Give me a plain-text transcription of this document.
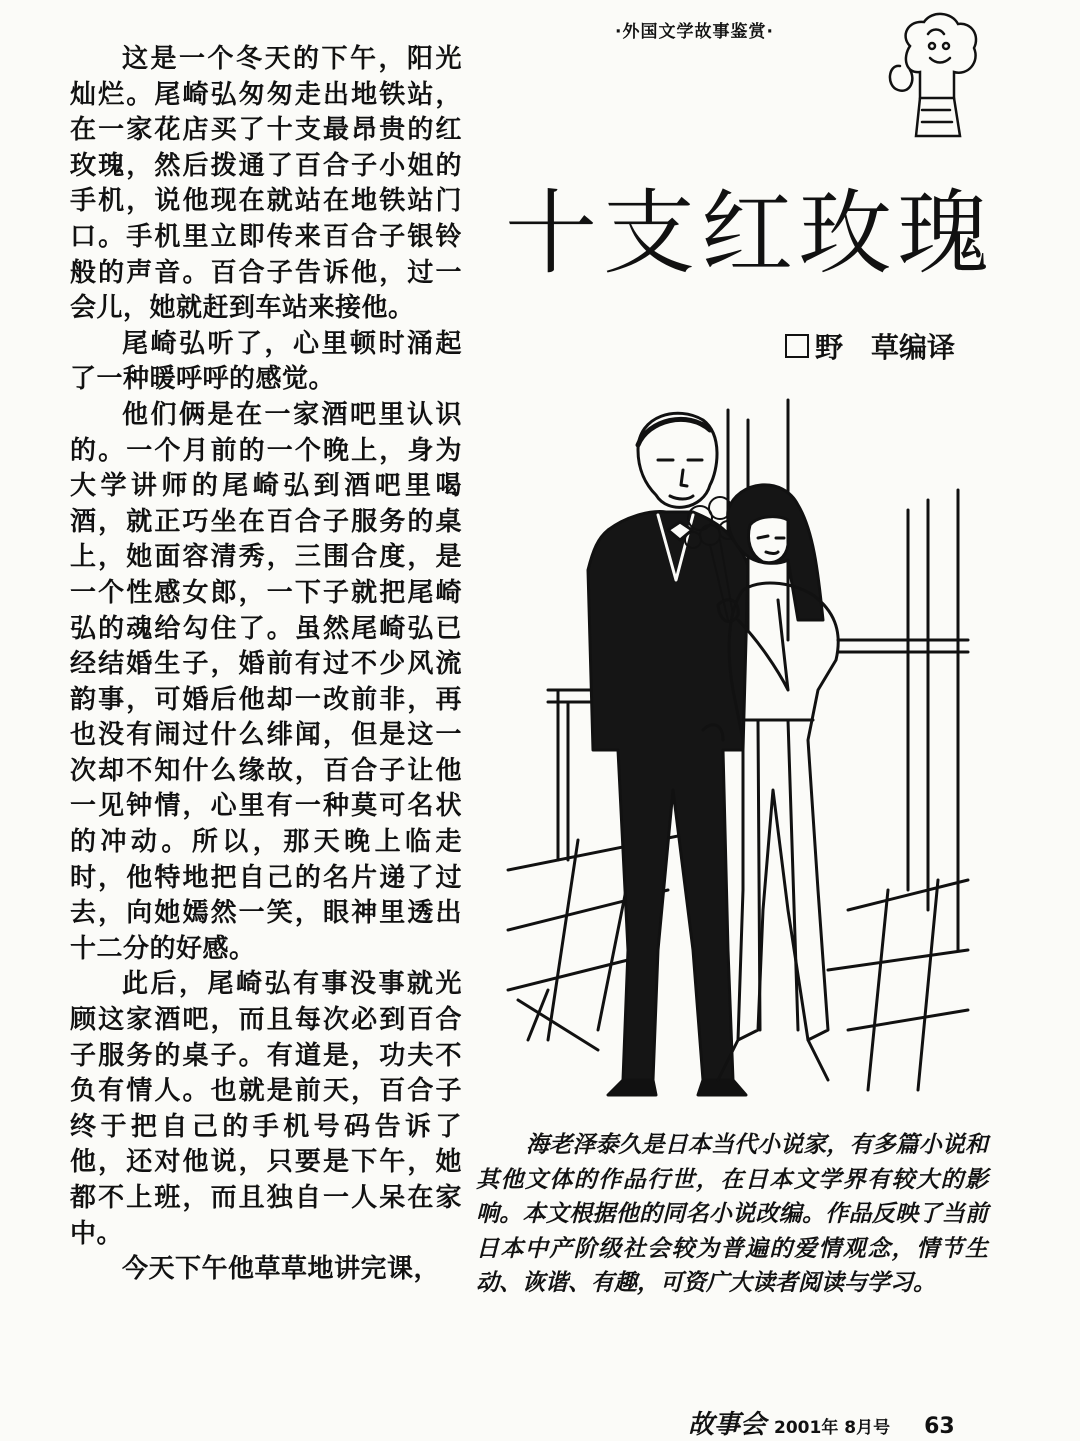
这是一个冬天的下午，阳光灿烂。尾崎弘匆匆走出地铁站，在一家花店买了十支最昂贵的红玫瑰，然后拨通了百合子小姐的手机，说他现在就站在地铁站门口。手机里立即传来百合子银铃般的声音。百合子告诉他，过一会儿，她就赶到车站来接他。

尾崎弘听了，心里顿时涌起了一种暖呼呼的感觉。

他们俩是在一家酒吧里认识的。一个月前的一个晚上，身为大学讲师的尾崎弘到酒吧里喝酒，就正巧坐在百合子服务的桌上，她面容清秀，三围合度，是一个性感女郎，一下子就把尾崎弘的魂给勾住了。虽然尾崎弘已经结婚生子，婚前有过不少风流韵事，可婚后他却一改前非，再也没有闹过什么绯闻，但是这一次却不知什么缘故，百合子让他一见钟情，心里有一种莫可名状的冲动。所以，那天晚上临走时，他特地把自己的名片递了过去，向她嫣然一笑，眼神里透出十二分的好感。

此后，尾崎弘有事没事就光顾这家酒吧，而且每次必到百合子服务的桌子。有道是，功夫不负有情人。也就是前天，百合子终于把自己的手机号码告诉了他，还对他说，只要是下午，她都不上班，而且独自一人呆在家中。

今天下午他草草地讲完课，

·外国文学故事鉴赏·
十支红玫瑰
野　草编译

海老泽泰久是日本当代小说家，有多篇小说和其他文体的作品行世，在日本文学界有较大的影响。本文根据他的同名小说改编。作品反映了当前日本中产阶级社会较为普遍的爱情观念，情节生动、诙谐、有趣，可资广大读者阅读与学习。

故事会 2001年 8月号 63
